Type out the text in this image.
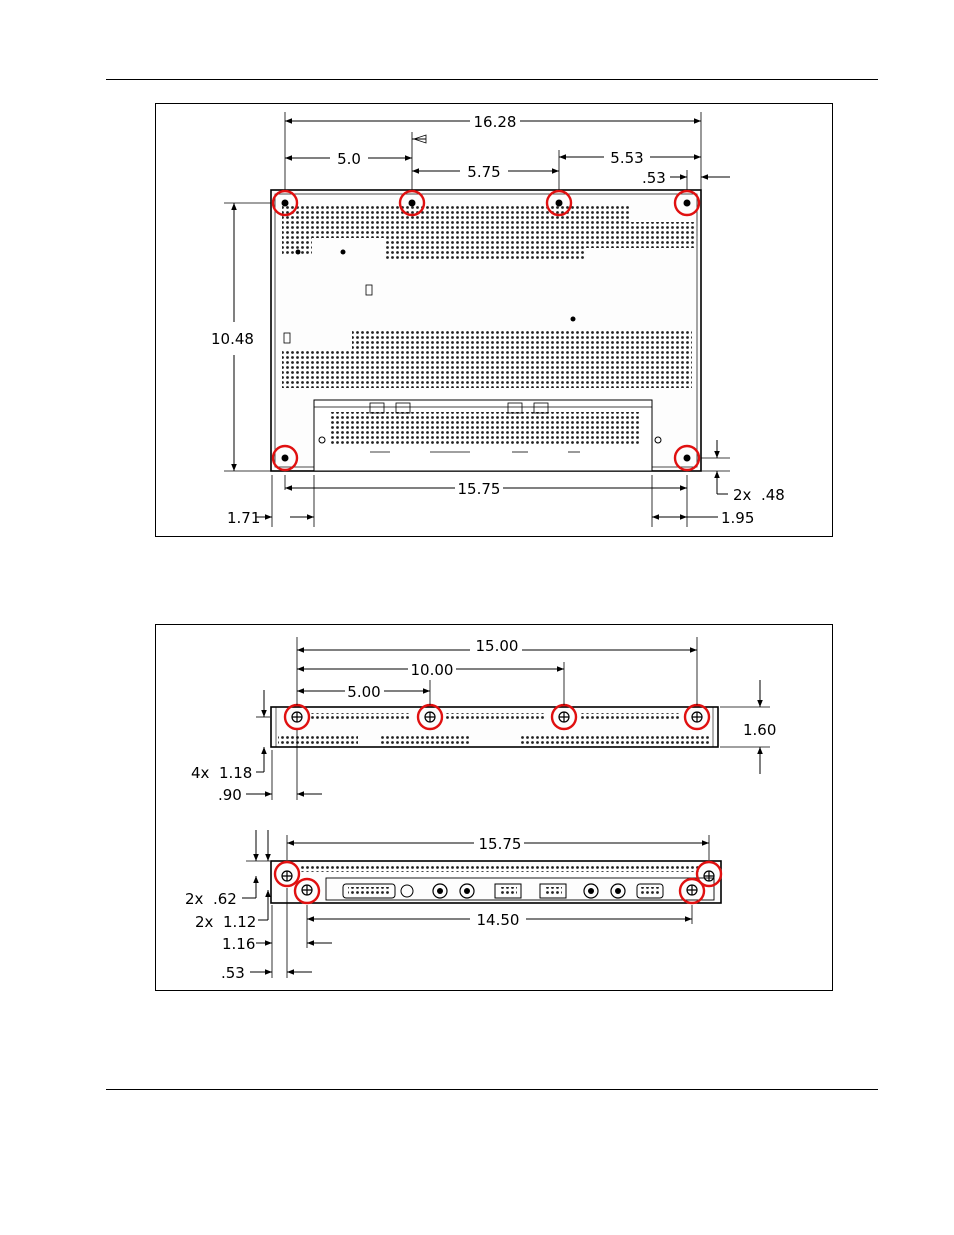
16.28
5.0
5.75
5.53
.53
10.48
15.75	2x  .48
1.71	1.95
15.00
10.00
5.00
1.60
4x  1.18
.90
15.75
14.50
2x  .62
2x  1.12
1.16
.53
